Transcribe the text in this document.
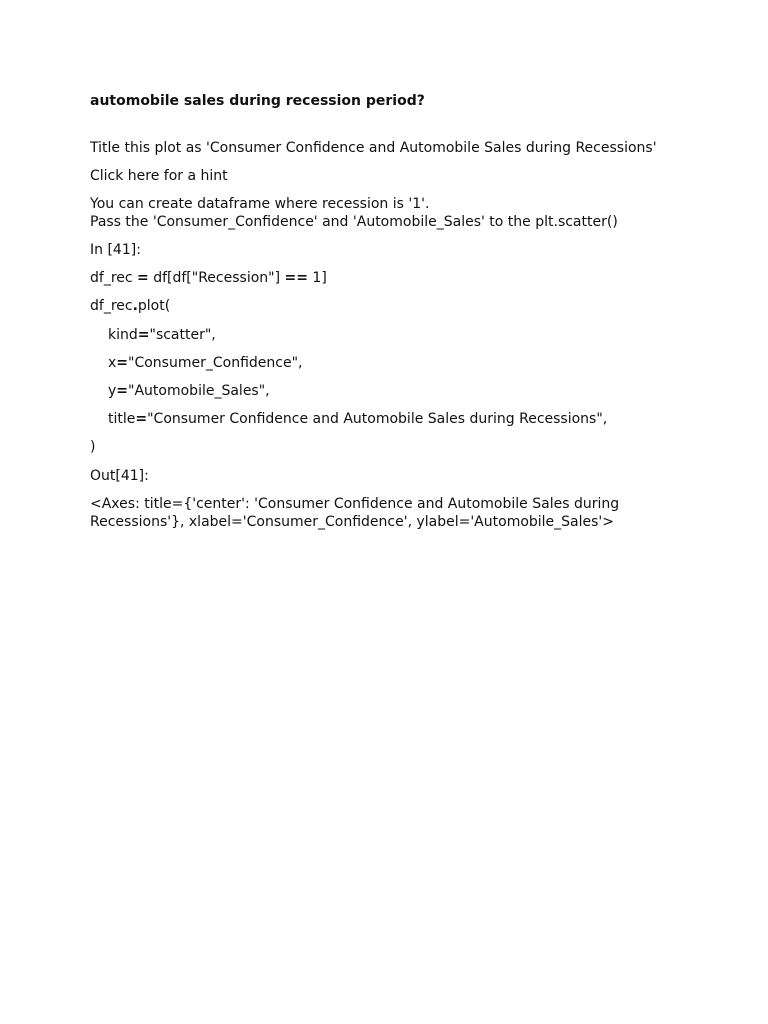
automobile sales during recession period?
Title this plot as 'Consumer Confidence and Automobile Sales during Recessions'
Click here for a hint
You can create dataframe where recession is '1'.
Pass the 'Consumer_Confidence' and 'Automobile_Sales' to the plt.scatter()
In [41]:
df_rec = df[df["Recession"] == 1]
df_rec.plot(
kind="scatter",
x="Consumer_Confidence",
y="Automobile_Sales",
title="Consumer Confidence and Automobile Sales during Recessions",
)
Out[41]:
<Axes: title={'center': 'Consumer Confidence and Automobile Sales during Recessions'}, xlabel='Consumer_Confidence', ylabel='Automobile_Sales'>
